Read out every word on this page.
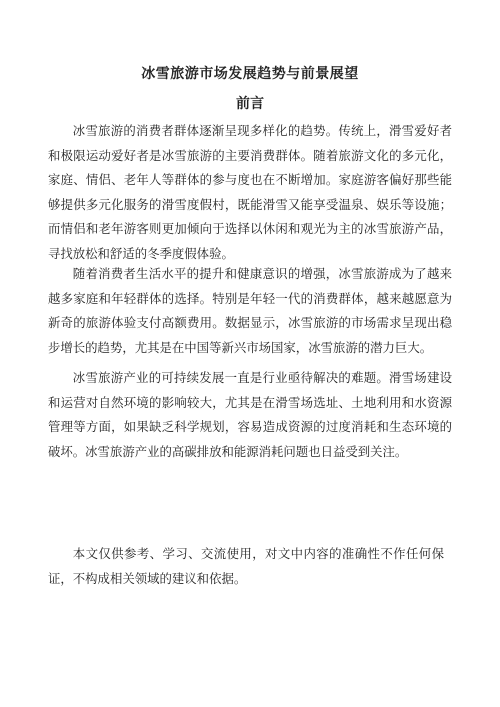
冰雪旅游市场发展趋势与前景展望
前言

冰雪旅游的消费者群体逐渐呈现多样化的趋势。传统上，滑雪爱好者和极限运动爱好者是冰雪旅游的主要消费群体。随着旅游文化的多元化，家庭、情侣、老年人等群体的参与度也在不断增加。家庭游客偏好那些能够提供多元化服务的滑雪度假村，既能滑雪又能享受温泉、娱乐等设施；而情侣和老年游客则更加倾向于选择以休闲和观光为主的冰雪旅游产品，寻找放松和舒适的冬季度假体验。

随着消费者生活水平的提升和健康意识的增强，冰雪旅游成为了越来越多家庭和年轻群体的选择。特别是年轻一代的消费群体，越来越愿意为新奇的旅游体验支付高额费用。数据显示，冰雪旅游的市场需求呈现出稳步增长的趋势，尤其是在中国等新兴市场国家，冰雪旅游的潜力巨大。

冰雪旅游产业的可持续发展一直是行业亟待解决的难题。滑雪场建设和运营对自然环境的影响较大，尤其是在滑雪场选址、土地利用和水资源管理等方面，如果缺乏科学规划，容易造成资源的过度消耗和生态环境的破坏。冰雪旅游产业的高碳排放和能源消耗问题也日益受到关注。

本文仅供参考、学习、交流使用，对文中内容的准确性不作任何保证，不构成相关领域的建议和依据。
